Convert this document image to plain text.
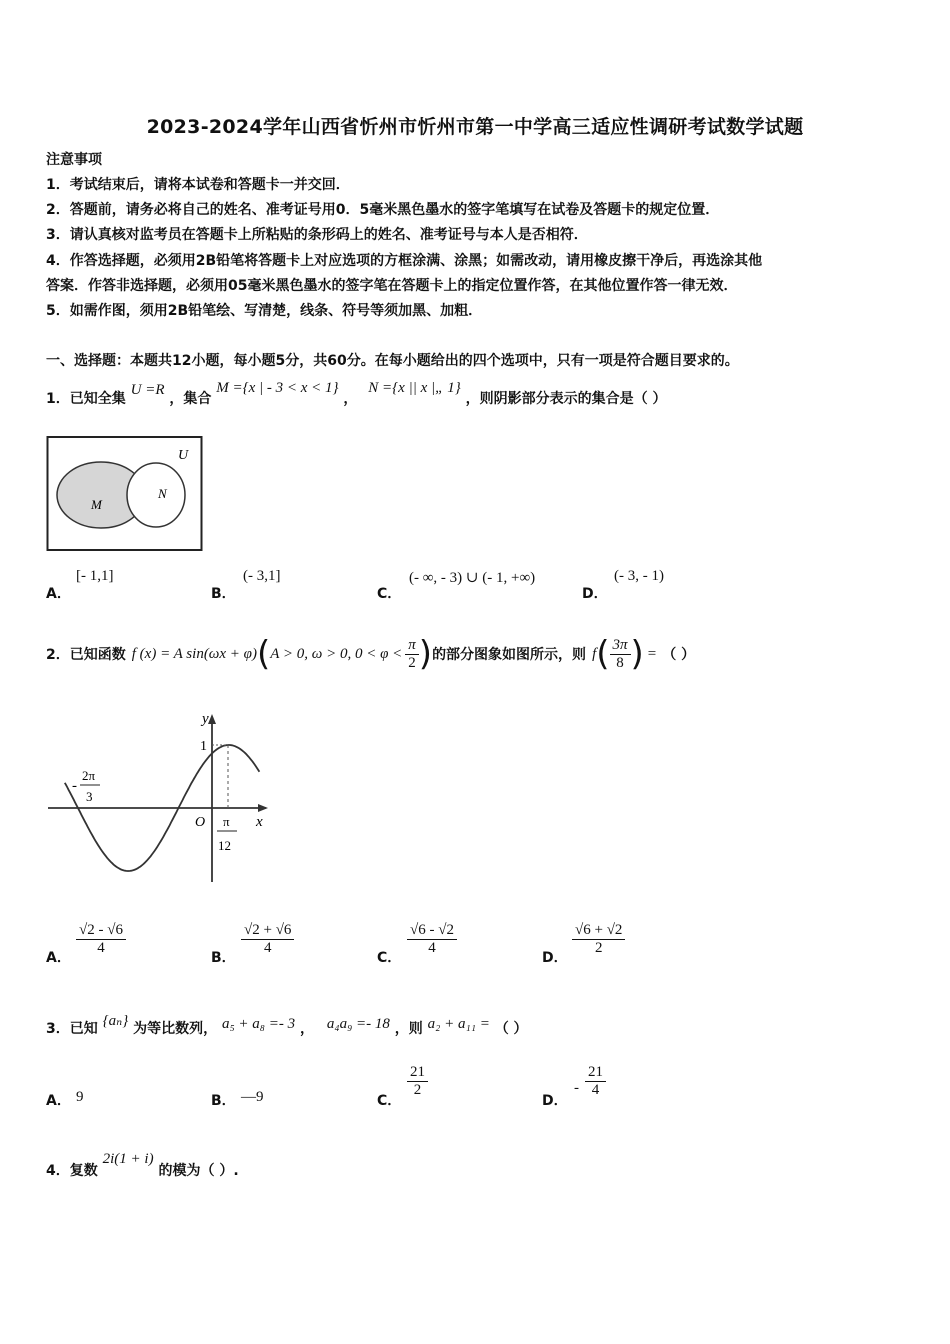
2023-2024学年山西省忻州市忻州市第一中学高三适应性调研考试数学试题
注意事项
1．考试结束后，请将本试卷和答题卡一并交回．
2．答题前，请务必将自己的姓名、准考证号用0．5毫米黑色墨水的签字笔填写在试卷及答题卡的规定位置．
3．请认真核对监考员在答题卡上所粘贴的条形码上的姓名、准考证号与本人是否相符．
4．作答选择题，必须用2B铅笔将答题卡上对应选项的方框涂满、涂黑；如需改动，请用橡皮擦干净后，再选涂其他
答案．作答非选择题，必须用05毫米黑色墨水的签字笔在答题卡上的指定位置作答，在其他位置作答一律无效．
5．如需作图，须用2B铅笔绘、写清楚，线条、符号等须加黑、加粗．
一、选择题：本题共12小题，每小题5分，共60分。在每小题给出的四个选项中，只有一项是符合题目要求的。
1．已知全集 U =R ，集合 M ={x | - 3 < x < 1} ， N ={x || x |„ 1} ，则阴影部分表示的集合是（ ）
U
M
N
A．
[- 1,1]
B．
(- 3,1]
C．
(- ∞, - 3) ∪ (- 1, +∞)
D．
(- 3, - 1)
2．已知函数 f (x) = A sin(ωx + φ) ( A > 0, ω > 0, $0 < \varphi < \frac{\pi}{2}$ ) 的部分图象如图所示，则 f ( $\frac{3\pi}{8}$ ) = （ ）
y
x
O
1
-
2π
3
π
12
A．
$\frac{√2 - √6}{4}$
B．
$\frac{√2 + √6}{4}$
C．
$\frac{√6 - √2}{4}$
D．
$\frac{√6 + √2}{2}$
3．已知 {aₙ} 为等比数列， a₅ + a₈ =- 3 ， a₄a₉ =- 18 ，则 a₂ + a₁₁ = （ ）
A． 9	B． —9	C．
$\frac{21}{2}$
D．
- $\frac{21}{4}$
4．复数 2i(1 + i) 的模为（ ）.
